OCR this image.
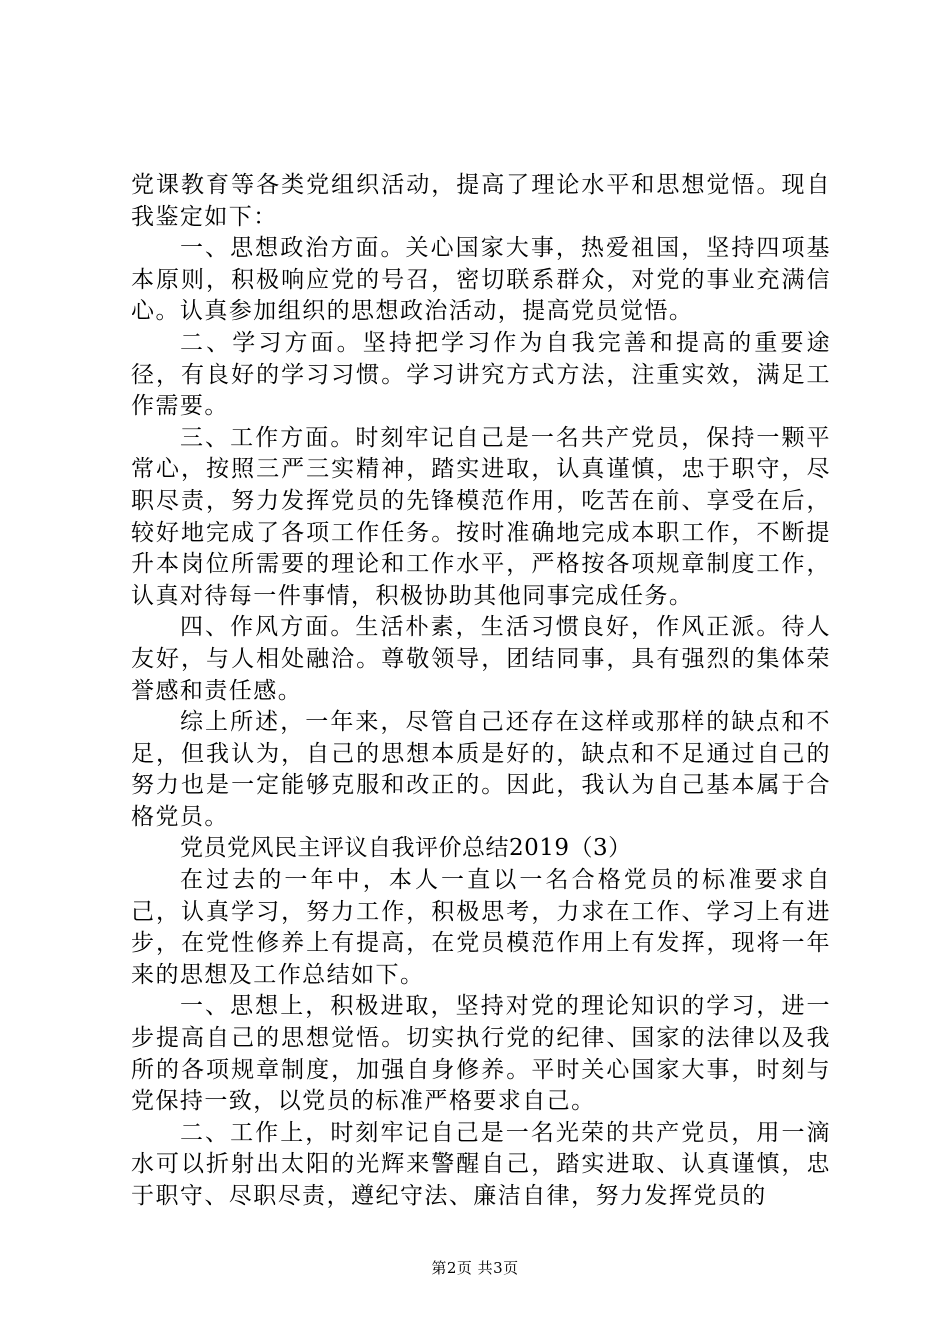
党课教育等各类党组织活动，提高了理论水平和思想觉悟。现自我鉴定如下：

一、思想政治方面。关心国家大事，热爱祖国，坚持四项基本原则，积极响应党的号召，密切联系群众，对党的事业充满信心。认真参加组织的思想政治活动，提高党员觉悟。

二、学习方面。坚持把学习作为自我完善和提高的重要途径，有良好的学习习惯。学习讲究方式方法，注重实效，满足工作需要。

三、工作方面。时刻牢记自己是一名共产党员，保持一颗平常心，按照三严三实精神，踏实进取，认真谨慎，忠于职守，尽职尽责，努力发挥党员的先锋模范作用，吃苦在前、享受在后，较好地完成了各项工作任务。按时准确地完成本职工作，不断提升本岗位所需要的理论和工作水平，严格按各项规章制度工作，认真对待每一件事情，积极协助其他同事完成任务。

四、作风方面。生活朴素，生活习惯良好，作风正派。待人友好，与人相处融洽。尊敬领导，团结同事，具有强烈的集体荣誉感和责任感。

综上所述，一年来，尽管自己还存在这样或那样的缺点和不足，但我认为，自己的思想本质是好的，缺点和不足通过自己的努力也是一定能够克服和改正的。因此，我认为自己基本属于合格党员。

党员党风民主评议自我评价总结2019（3）

在过去的一年中，本人一直以一名合格党员的标准要求自己，认真学习，努力工作，积极思考，力求在工作、学习上有进步，在党性修养上有提高，在党员模范作用上有发挥，现将一年来的思想及工作总结如下。

一、思想上，积极进取，坚持对党的理论知识的学习，进一步提高自己的思想觉悟。切实执行党的纪律、国家的法律以及我所的各项规章制度，加强自身修养。平时关心国家大事，时刻与党保持一致，以党员的标准严格要求自己。

二、工作上，时刻牢记自己是一名光荣的共产党员，用一滴水可以折射出太阳的光辉来警醒自己，踏实进取、认真谨慎，忠于职守、尽职尽责，遵纪守法、廉洁自律，努力发挥党员的

第2页 共3页
